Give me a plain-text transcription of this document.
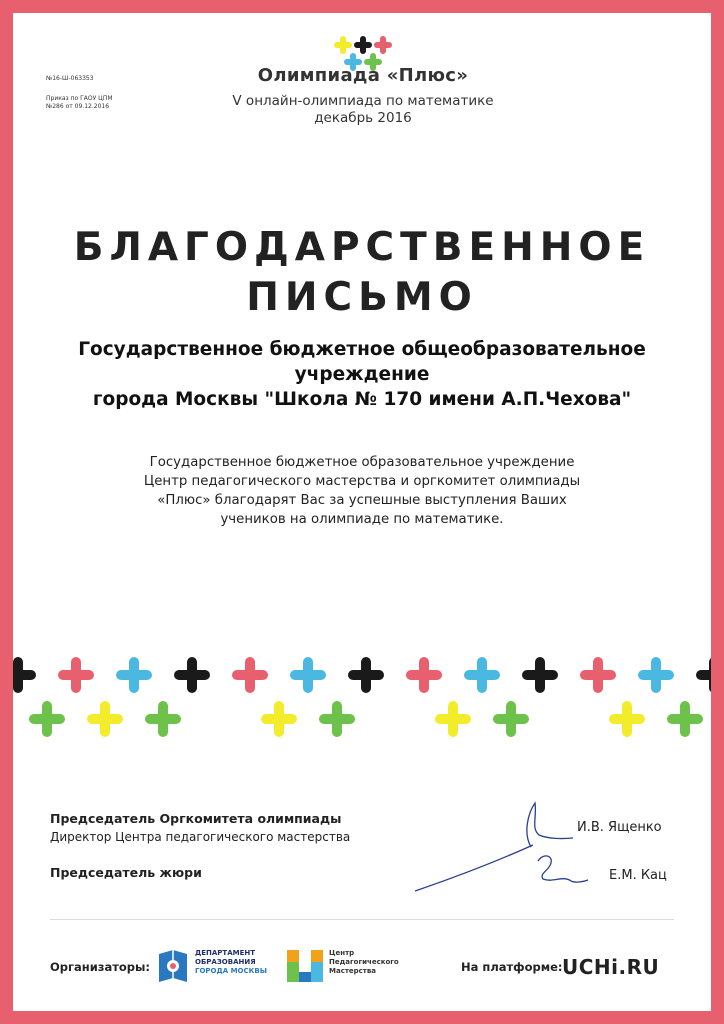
№16-Ш-063353
Приказ по ГАОУ ЦПМ
№286 от 09.12.2016
Олимпиада «Плюс»
V онлайн-олимпиада по математике
декабрь 2016
БЛАГОДАРСТВЕННОЕ
ПИСЬМО
Государственное бюджетное общеобразовательное учреждение
города Москвы "Школа № 170 имени А.П.Чехова"
Государственное бюджетное образовательное учреждение
Центр педагогического мастерства и оргкомитет олимпиады
«Плюс» благодарят Вас за успешные выступления Ваших
учеников на олимпиаде по математике.
Председатель Оргкомитета олимпиады
Директор Центра педагогического мастерства
Председатель жюри
И.В. Ященко
Е.М. Кац
Организаторы:
ДЕПАРТАМЕНТ
ОБРАЗОВАНИЯ
ГОРОДА МОСКВЫ
Центр
Педагогического
Мастерства	На платформе: UCHi.RU
